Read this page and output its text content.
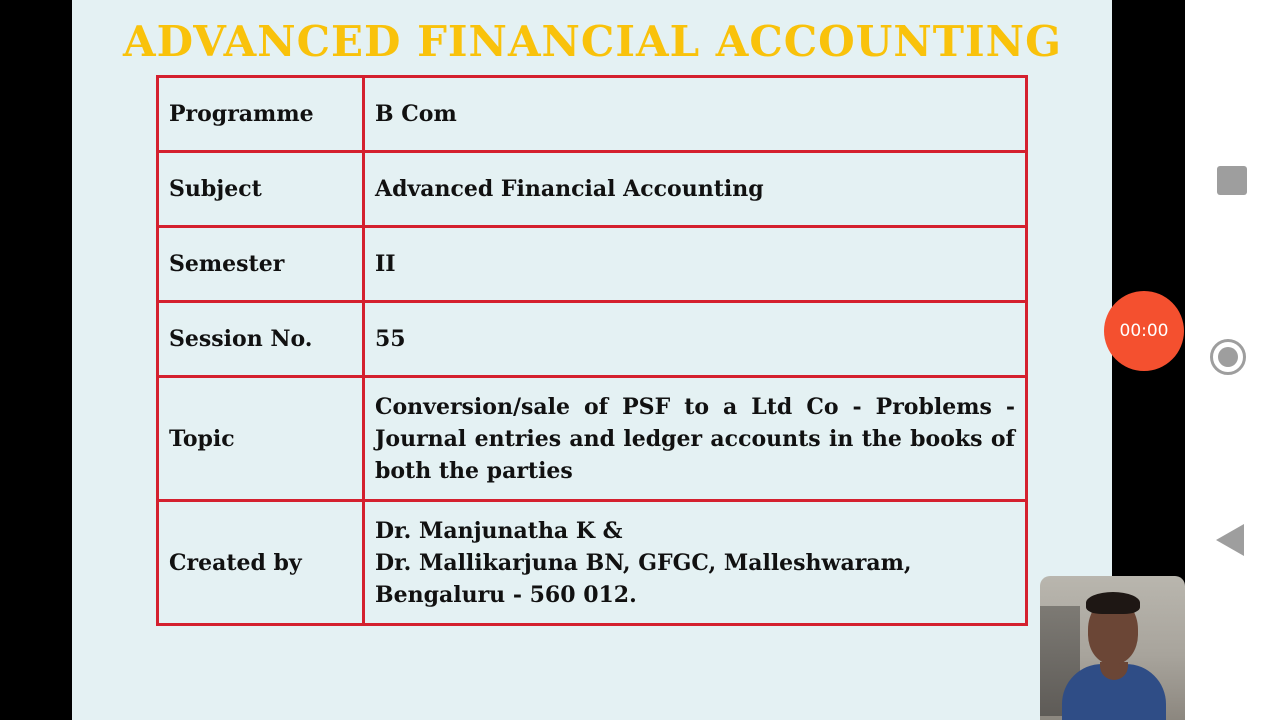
ADVANCED FINANCIAL ACCOUNTING
Programme	B Com
Subject	Advanced Financial Accounting
Semester	II
Session No.	55
Topic	Conversion/sale of PSF to a Ltd Co - Problems - Journal entries and ledger accounts in the books of both the parties

Created by	Dr. Manjunatha K &
Dr. Mallikarjuna BN, GFGC, Malleshwaram,
Bengaluru - 560 012.
00:00
